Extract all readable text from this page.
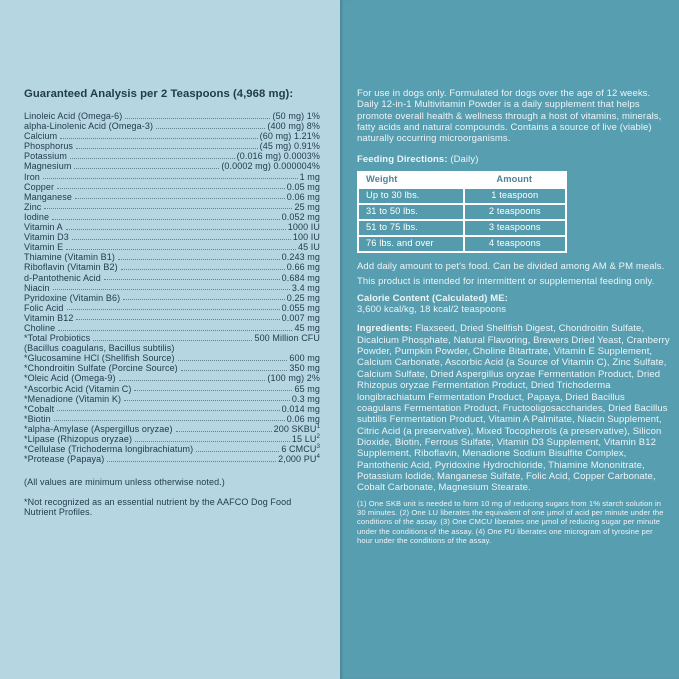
Guaranteed Analysis per 2 Teaspoons (4,968 mg):
Linoleic Acid (Omega-6)	(50 mg) 1%
alpha-Linolenic Acid (Omega-3)	(400 mg) 8%
Calcium	(60 mg) 1.21%
Phosphorus	(45 mg) 0.91%
Potassium	(0.016 mg) 0.0003%
Magnesium	(0.0002 mg) 0.000004%
Iron	1 mg
Copper	0.05 mg
Manganese	0.06 mg
Zinc	25 mg
Iodine	0.052 mg
Vitamin A	1000 IU
Vitamin D3	100 IU
Vitamin E	45 IU
Thiamine (Vitamin B1)	0.243 mg
Riboflavin (Vitamin B2)	0.66 mg
d-Pantothenic Acid	0.684 mg
Niacin	3.4 mg
Pyridoxine (Vitamin B6)	0.25 mg
Folic Acid	0.055 mg
Vitamin B12	0.007 mg
Choline	45 mg
*Total Probiotics	500 Million CFU
(Bacillus coagulans, Bacillus subtilis)
*Glucosamine HCl (Shellfish Source)	600 mg
*Chondroitin Sulfate (Porcine Source)	350 mg
*Oleic Acid (Omega-9)	(100 mg) 2%
*Ascorbic Acid (Vitamin C)	65 mg
*Menadione (Vitamin K)	0.3 mg
*Cobalt	0.014 mg
*Biotin	0.06 mg
*alpha-Amylase (Aspergillus oryzae)	200 SKBU$^1$
*Lipase (Rhizopus oryzae)	15 $LU^2$
*Cellulase (Trichoderma longibrachiatum)	6 CMCU$^3$
*Protease (Papaya)	2,000 $PU^4$

(All values are minimum unless otherwise noted.)

*Not recognized as an essential nutrient by the AAFCO Dog Food Nutrient Profiles.

For use in dogs only. Formulated for dogs over the age of 12 weeks. Daily 12-in-1 Multivitamin Powder is a daily supplement that helps promote overall health & wellness through a host of vitamins, minerals, fatty acids and natural compounds. Contains a source of live (viable) naturally occurring microorganisms.

Feeding Directions: (Daily)

Weight	Amount
Up to 30 lbs.	1 teaspoon
31 to 50 lbs.	2 teaspoons
51 to 75 lbs.	3 teaspoons
76 lbs. and over	4 teaspoons

Add daily amount to pet's food. Can be divided among AM & PM meals.

This product is intended for intermittent or supplemental feeding only.

Calorie Content (Calculated) ME:

3,600 kcal/kg, 18 kcal/2 teaspoons

Ingredients: Flaxseed, Dried Shellfish Digest, Chondroitin Sulfate, Dicalcium Phosphate, Natural Flavoring, Brewers Dried Yeast, Cranberry Powder, Pumpkin Powder, Choline Bitartrate, Vitamin E Supplement, Calcium Carbonate, Ascorbic Acid (a Source of Vitamin C), Zinc Sulfate, Calcium Sulfate, Dried Aspergillus oryzae Fermentation Product, Dried Rhizopus oryzae Fermentation Product, Dried Trichoderma longibrachiatum Fermentation Product, Papaya, Dried Bacillus coagulans Fermentation Product, Fructooligosaccharides, Dried Bacillus subtilis Fermentation Product, Vitamin A Palmitate, Niacin Supplement, Citric Acid (a preservative), Mixed Tocopherols (a preservative), Silicon Dioxide, Biotin, Ferrous Sulfate, Vitamin D3 Supplement, Vitamin B12 Supplement, Riboflavin, Menadione Sodium Bisulfite Complex, Pantothenic Acid, Pyridoxine Hydrochloride, Thiamine Mononitrate, Potassium Iodide, Manganese Sulfate, Folic Acid, Copper Carbonate, Cobalt Carbonate, Magnesium Stearate.

(1) One SKB unit is needed to form 10 mg of reducing sugars from 1% starch solution in 30 minutes. (2) One LU liberates the equivalent of one µmol of acid per minute under the conditions of the assay. (3) One CMCU liberates one µmol of reducing sugar per minute under the conditions of the assay. (4) One PU liberates one microgram of tyrosine per hour under the conditions of the assay.
